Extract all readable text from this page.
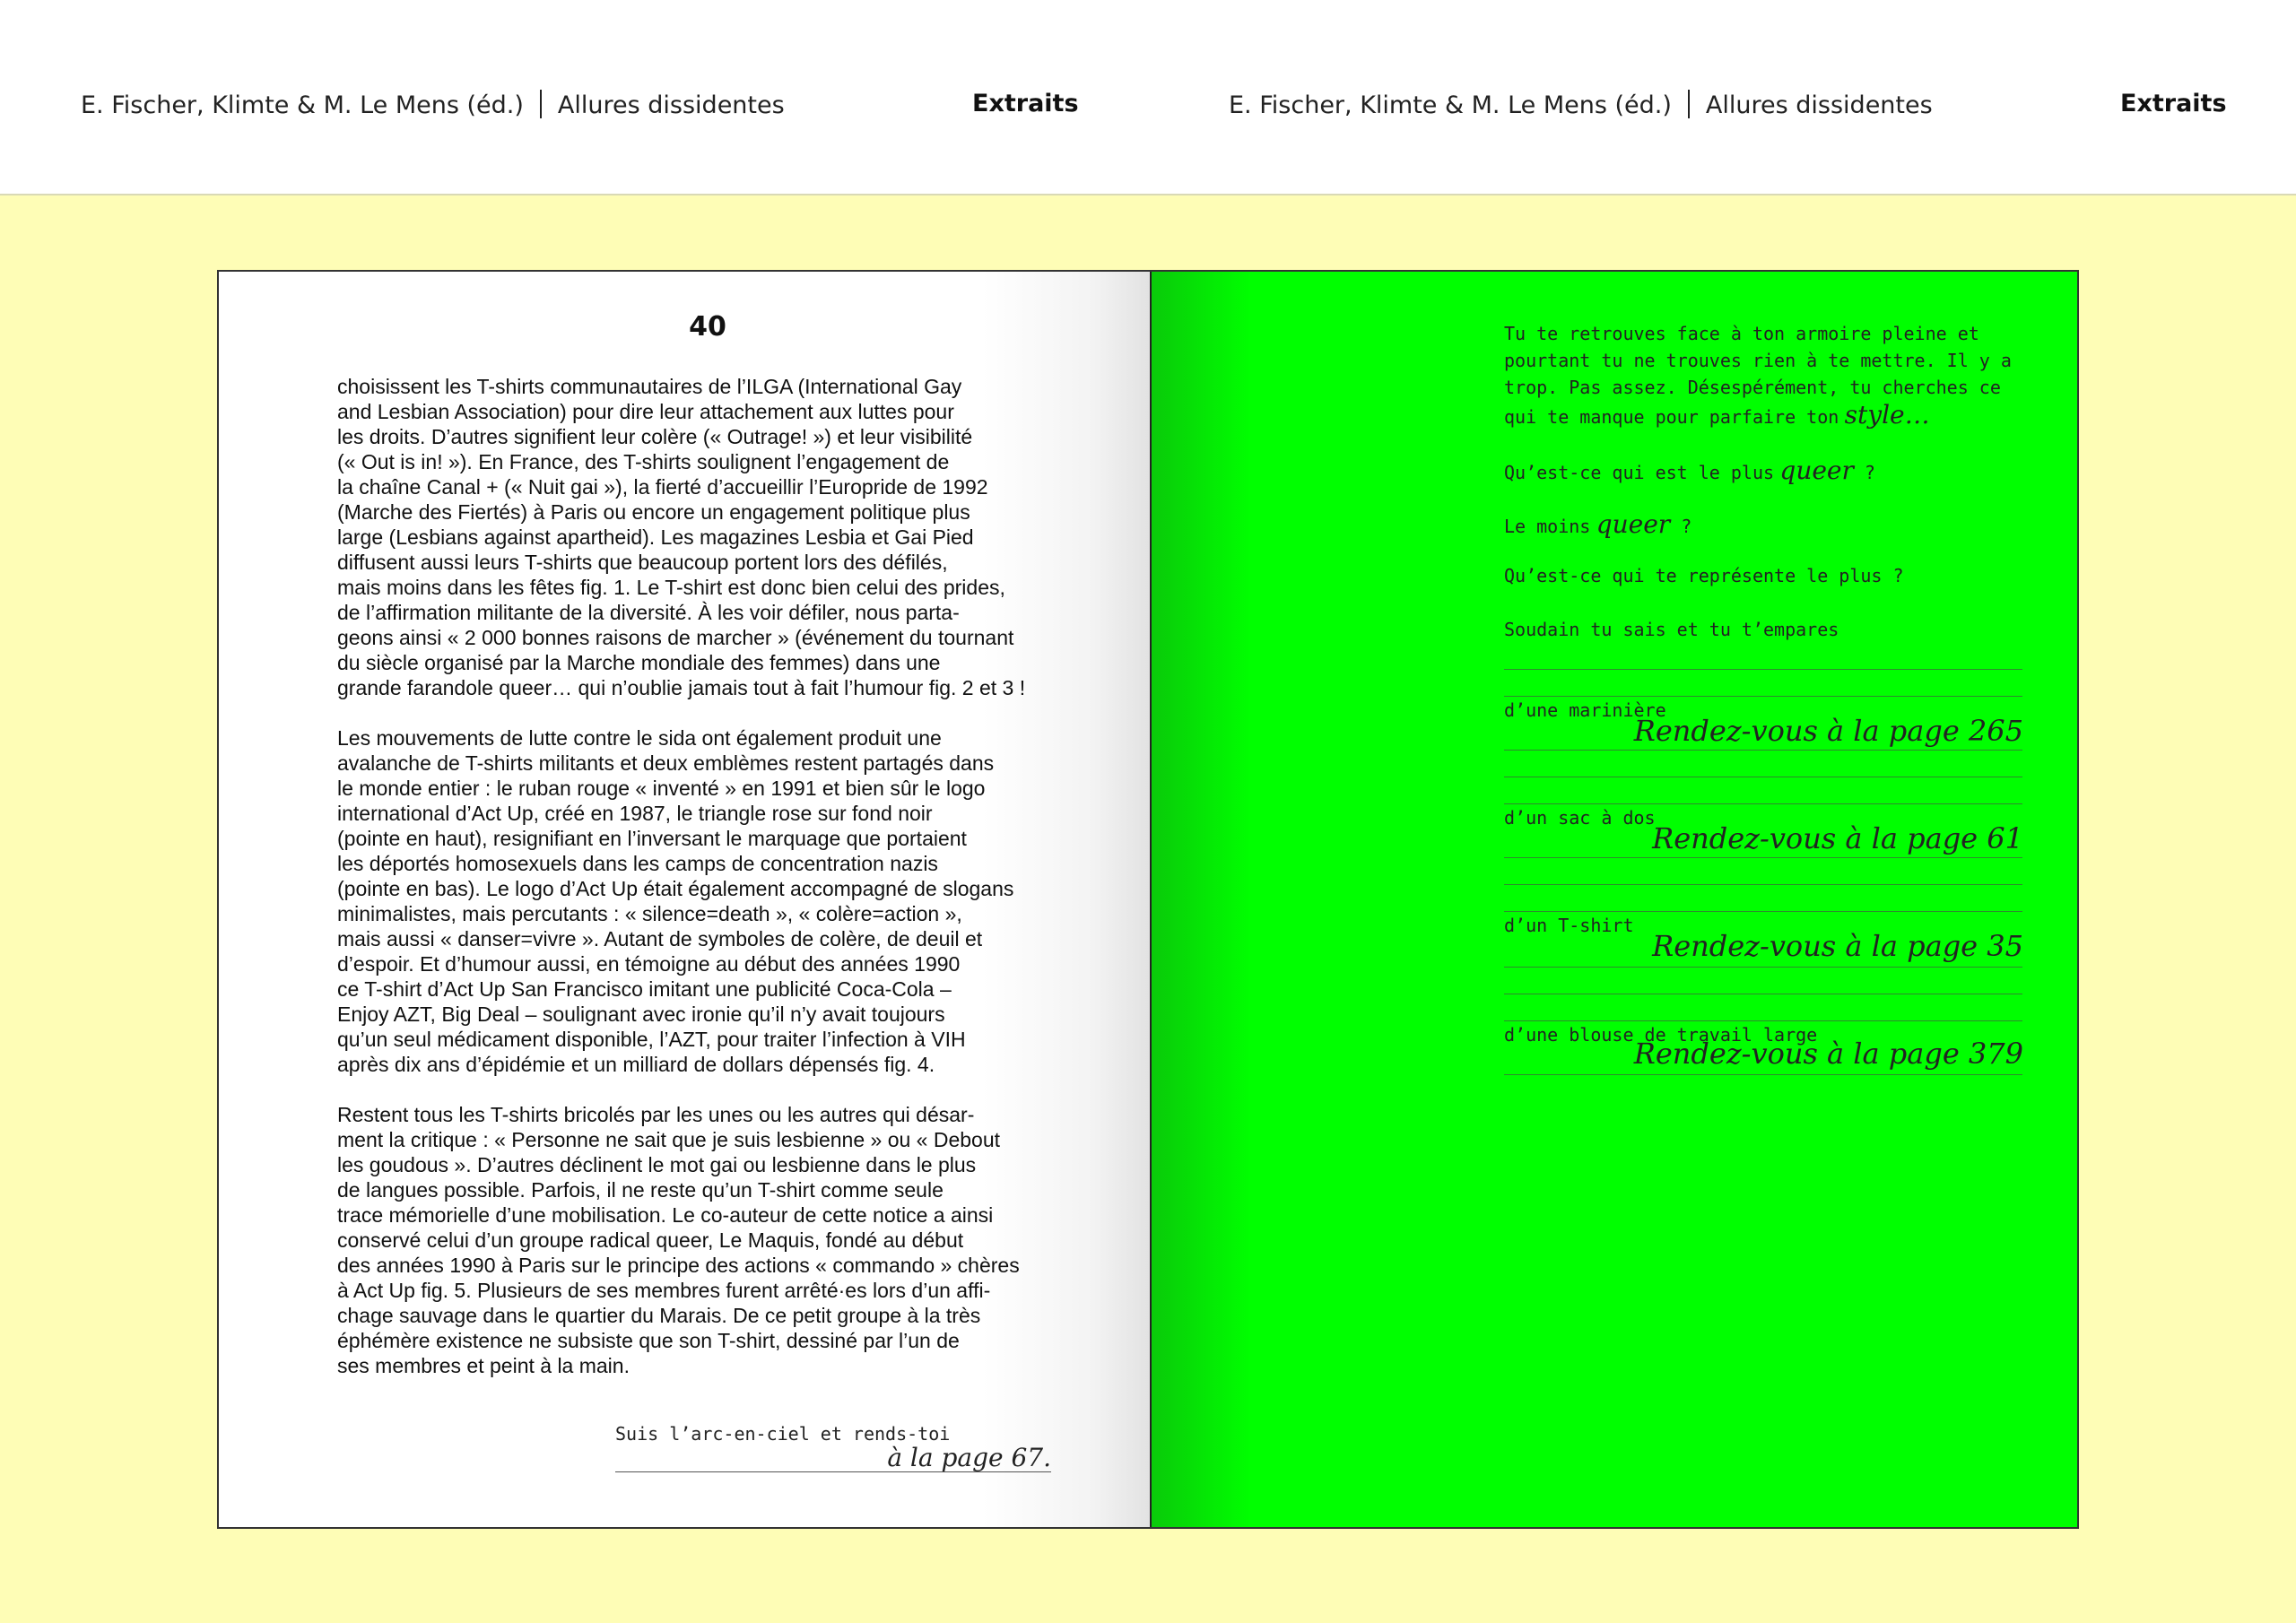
E. Fischer, Klimte & M. Le Mens (éd.) Allures dissidentes	Extraits	E. Fischer, Klimte & M. Le Mens (éd.) Allures dissidentes	Extraits
40

choisissent les T-shirts communautaires de l’ILGA (International Gay
and Lesbian Association) pour dire leur attachement aux luttes pour
les droits. D’autres signifient leur colère (« Outrage! ») et leur visibilité
(« Out is in! »). En France, des T-shirts soulignent l’engagement de
la chaîne Canal + (« Nuit gai »), la fierté d’accueillir l’Europride de 1992
(Marche des Fiertés) à Paris ou encore un engagement politique plus
large (Lesbians against apartheid). Les magazines Lesbia et Gai Pied
diffusent aussi leurs T-shirts que beaucoup portent lors des défilés,
mais moins dans les fêtes fig. 1. Le T-shirt est donc bien celui des prides,
de l’affirmation militante de la diversité. À les voir défiler, nous parta-
geons ainsi « 2 000 bonnes raisons de marcher » (événement du tournant
du siècle organisé par la Marche mondiale des femmes) dans une
grande farandole queer… qui n’oublie jamais tout à fait l’humour fig. 2 et 3 !

Les mouvements de lutte contre le sida ont également produit une
avalanche de T-shirts militants et deux emblèmes restent partagés dans
le monde entier : le ruban rouge « inventé » en 1991 et bien sûr le logo
international d’Act Up, créé en 1987, le triangle rose sur fond noir
(pointe en haut), resignifiant en l’inversant le marquage que portaient
les déportés homosexuels dans les camps de concentration nazis
(pointe en bas). Le logo d’Act Up était également accompagné de slogans
minimalistes, mais percutants : « silence=death », « colère=action »,
mais aussi « danser=vivre ». Autant de symboles de colère, de deuil et
d’espoir. Et d’humour aussi, en témoigne au début des années 1990
ce T-shirt d’Act Up San Francisco imitant une publicité Coca-Cola –
Enjoy AZT, Big Deal – soulignant avec ironie qu’il n’y avait toujours
qu’un seul médicament disponible, l’AZT, pour traiter l’infection à VIH
après dix ans d’épidémie et un milliard de dollars dépensés fig. 4.

Restent tous les T-shirts bricolés par les unes ou les autres qui désar-
ment la critique : « Personne ne sait que je suis lesbienne » ou « Debout
les goudous ». D’autres déclinent le mot gai ou lesbienne dans le plus
de langues possible. Parfois, il ne reste qu’un T-shirt comme seule
trace mémorielle d’une mobilisation. Le co-auteur de cette notice a ainsi
conservé celui d’un groupe radical queer, Le Maquis, fondé au début
des années 1990 à Paris sur le principe des actions « commando » chères
à Act Up fig. 5. Plusieurs de ses membres furent arrêté·es lors d’un affi-
chage sauvage dans le quartier du Marais. De ce petit groupe à la très
éphémère existence ne subsiste que son T-shirt, dessiné par l’un de
ses membres et peint à la main.

Suis l’arc-en-ciel et rends-toi
à la page 67.
Tu te retrouves face à ton armoire pleine et
pourtant tu ne trouves rien à te mettre. Il y a
trop. Pas assez. Désespérément, tu cherches ce
qui te manque pour parfaire ton style…
Qu’est-ce qui est le plus queer ?
Le moins queer ?
Qu’est-ce qui te représente le plus ?
Soudain tu sais et tu t’empares
d’une marinière
Rendez-vous à la page 265
d’un sac à dos
Rendez-vous à la page 61
d’un T-shirt
Rendez-vous à la page 35
d’une blouse de travail large
Rendez-vous à la page 379
